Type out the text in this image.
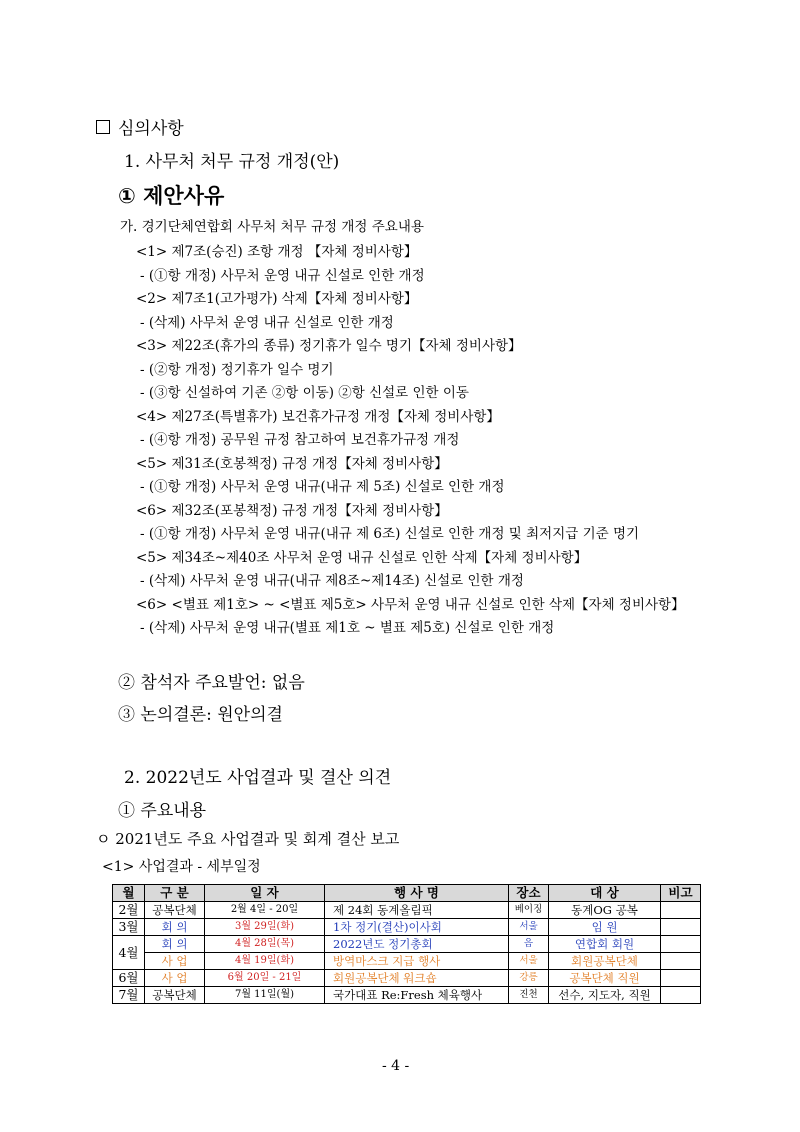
심의사항
1. 사무처 처무 규정 개정(안)
① 제안사유
가. 경기단체연합회 사무처 처무 규정 개정 주요내용
<1> 제7조(승진) 조항 개정 【자체 정비사항】
- (①항 개정) 사무처 운영 내규 신설로 인한 개정
<2> 제7조1(고가평가) 삭제【자체 정비사항】
- (삭제) 사무처 운영 내규 신설로 인한 개정
<3> 제22조(휴가의 종류) 정기휴가 일수 명기【자체 정비사항】
- (②항 개정) 정기휴가 일수 명기
- (③항 신설하여 기존 ②항 이동) ②항 신설로 인한 이동
<4> 제27조(특별휴가) 보건휴가규정 개정【자체 정비사항】
- (④항 개정) 공무원 규정 참고하여 보건휴가규정 개정
<5> 제31조(호봉책정) 규정 개정【자체 정비사항】
- (①항 개정) 사무처 운영 내규(내규 제 5조) 신설로 인한 개정
<6> 제32조(포봉책정) 규정 개정【자체 정비사항】
- (①항 개정) 사무처 운영 내규(내규 제 6조) 신설로 인한 개정 및 최저지급 기준 명기
<5> 제34조~제40조 사무처 운영 내규 신설로 인한 삭제【자체 정비사항】
- (삭제) 사무처 운영 내규(내규 제8조~제14조) 신설로 인한 개정
<6> <별표 제1호> ~ <별표 제5호> 사무처 운영 내규 신설로 인한 삭제【자체 정비사항】
- (삭제) 사무처 운영 내규(별표 제1호 ~ 별표 제5호) 신설로 인한 개정
② 참석자 주요발언: 없음
③ 논의결론: 원안의결
2. 2022년도 사업결과 및 결산 의견
① 주요내용
ㅇ 2021년도 주요 사업결과 및 회계 결산 보고
<1> 사업결과 - 세부일정
월	구 분	일 자	행 사 명	장소	대 상	비고
2월	공복단체	2월 4일 - 20일	제 24회 동계올림픽	베이징	동계OG 공복	
3월	회 의	3월 29일(화)	1차 정기(결산)이사회	서울	임 원	
4월	회 의	4월 28일(목)	2022년도 정기총회	음	연합회 회원	
	사 업	4월 19일(화)	방역마스크 지급 행사	서울	회원공복단체	
6월	사 업	6월 20일 - 21일	회원공복단체 워크숍	강릉	공복단체 직원	
7월	공복단체	7월 11일(월)	국가대표 Re:Fresh 체육행사	진천	선수, 지도자, 직원	
- 4 -
